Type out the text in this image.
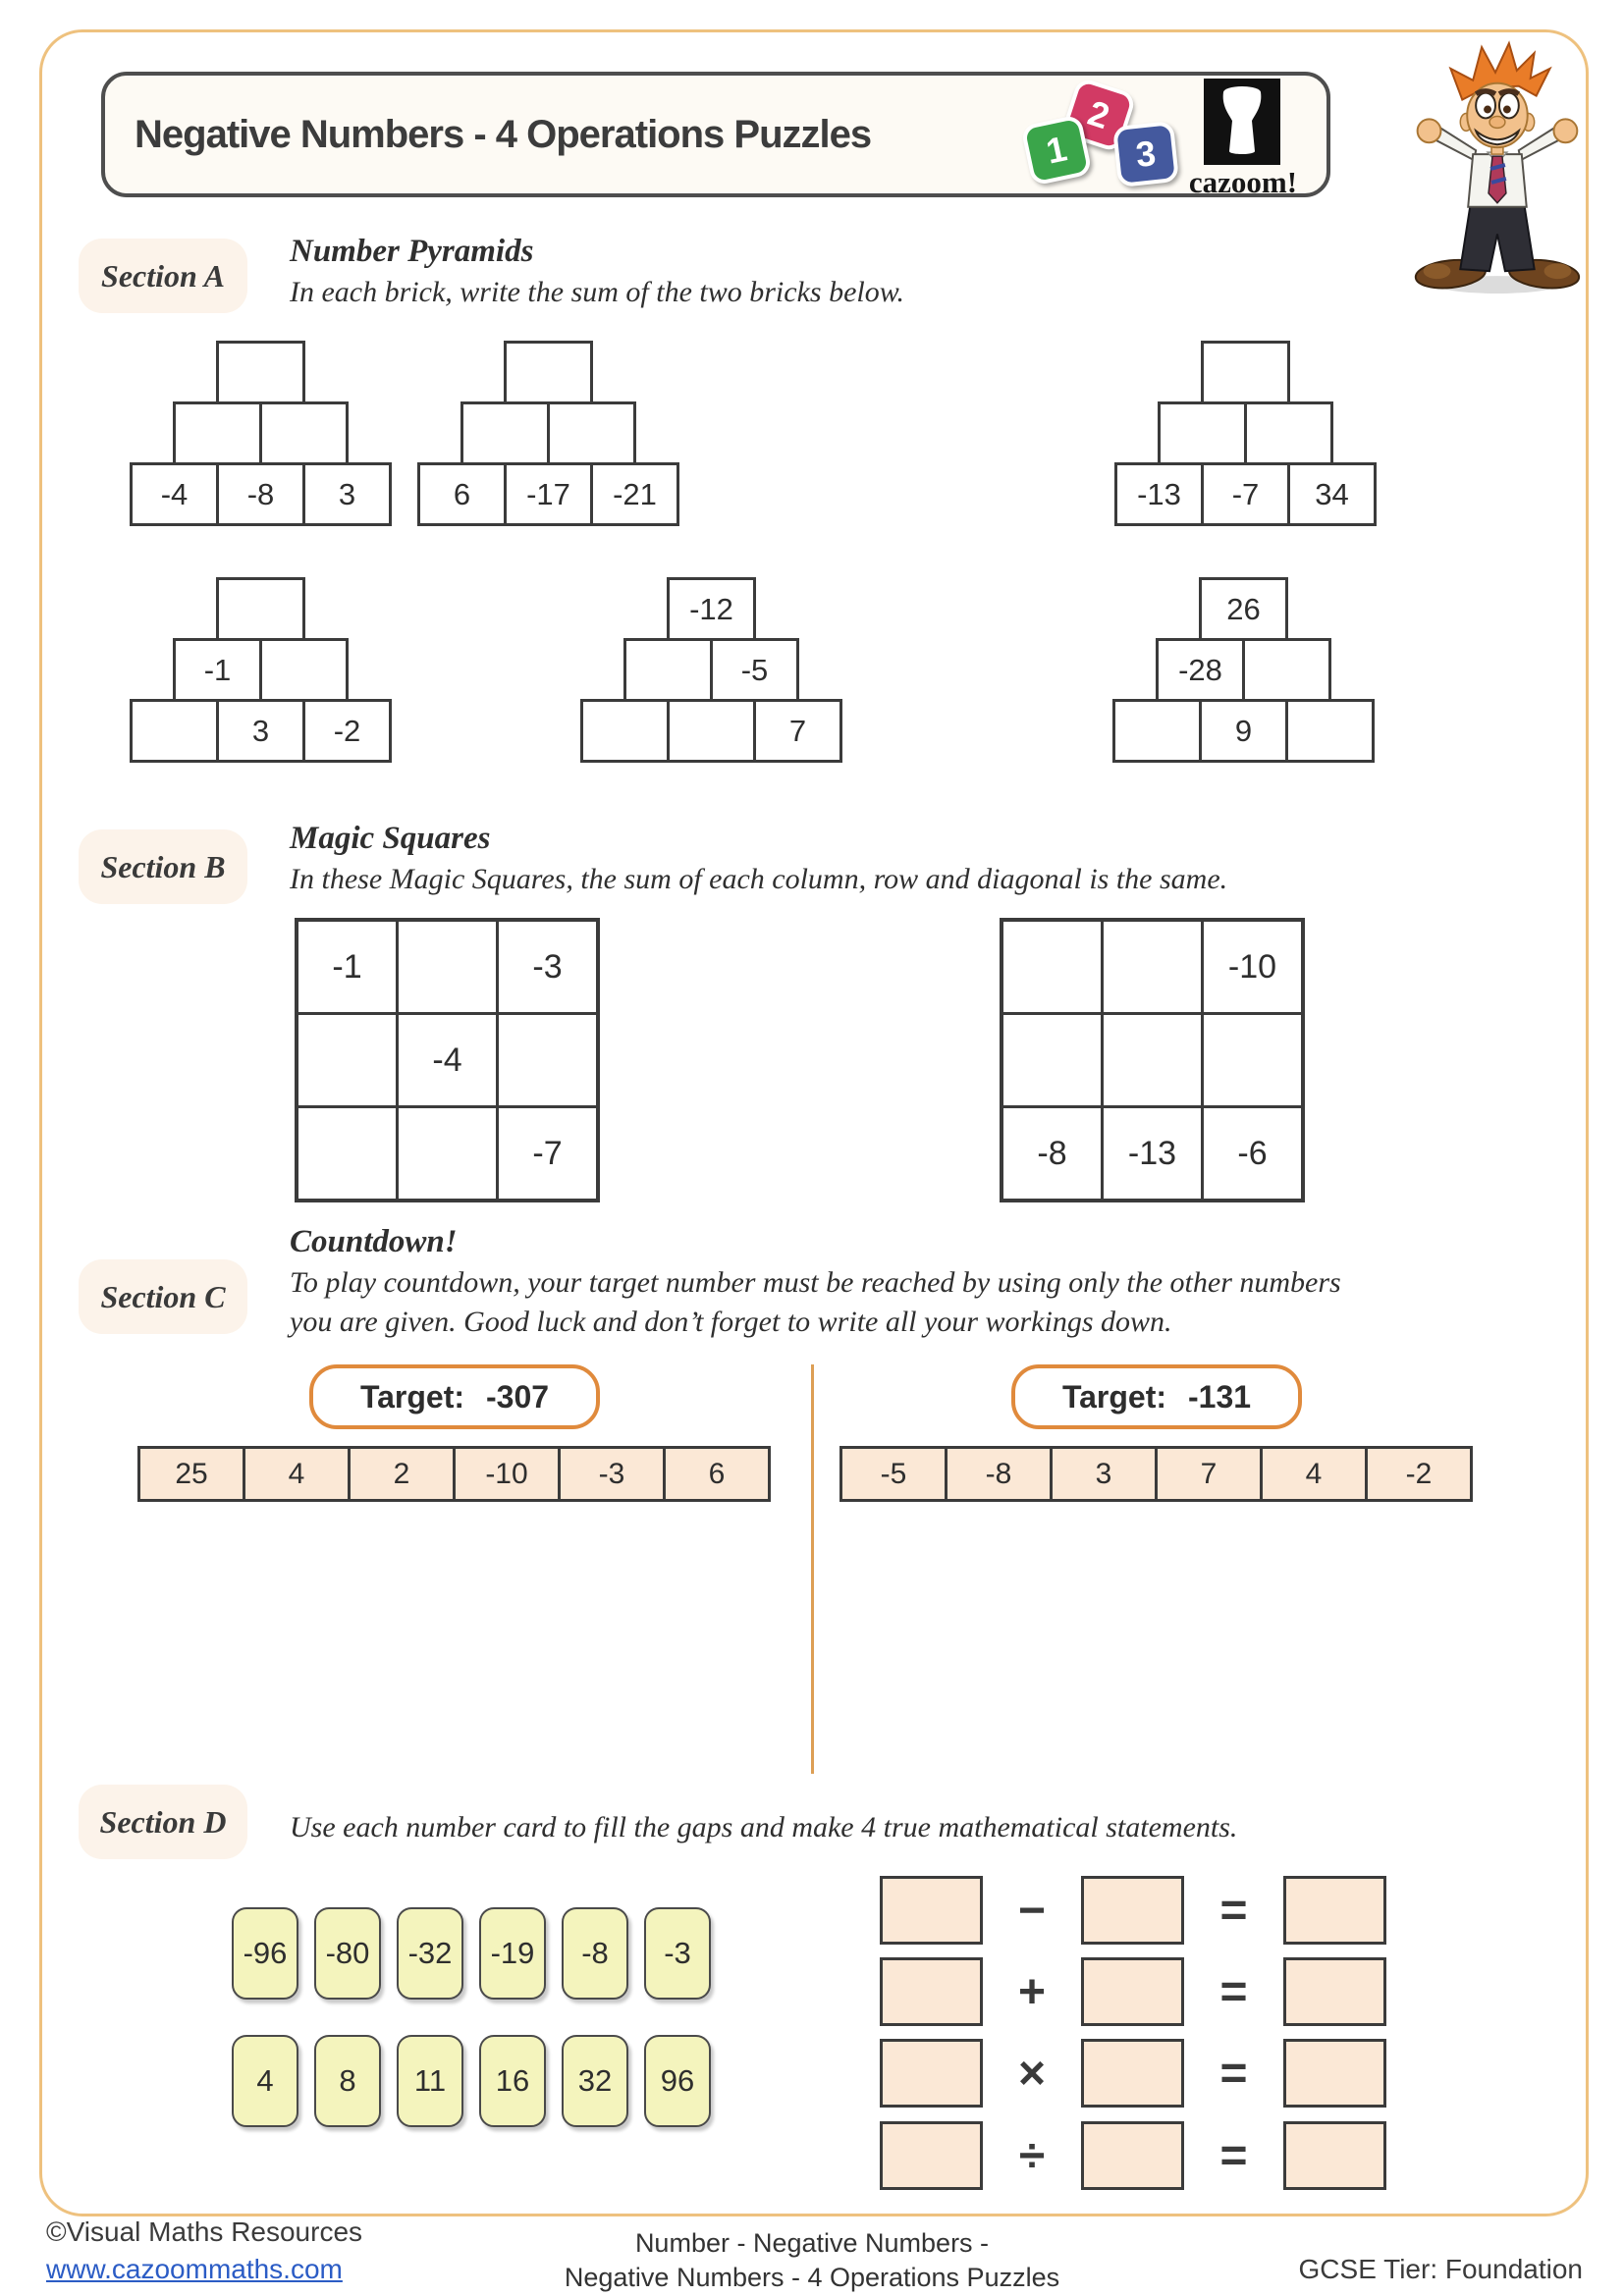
Negative Numbers - 4 Operations Puzzles	2
1 3
cazoom!
Section A
Number Pyramids
In each brick, write the sum of the two bricks below.
-4	-8	3	6	-17	-21	-13	-7	34
-1
3	-2
-12
-5
7
26
-28
9
Section B
Magic Squares
In these Magic Squares, the sum of each column, row and diagonal is the same.
-1		-3
	-4	
		-7
		-10

-8	-13	-6
Section C
Countdown!
To play countdown, your target number must be reached by using only the other numbers
you are given. Good luck and don’t forget to write all your workings down.
Target: -307
25	4	2	-10	-3	6
Target: -131
-5	-8	3	7	4	-2
Section D	Use each number card to fill the gaps and make 4 true mathematical statements.
-96	-80	-32	-19	-8	-3
4	8	11	16	32	96
−	=
+	=
×	=
÷	=
©Visual Maths Resources
www.cazoommaths.com
Number - Negative Numbers -
Negative Numbers - 4 Operations Puzzles	GCSE Tier: Foundation
